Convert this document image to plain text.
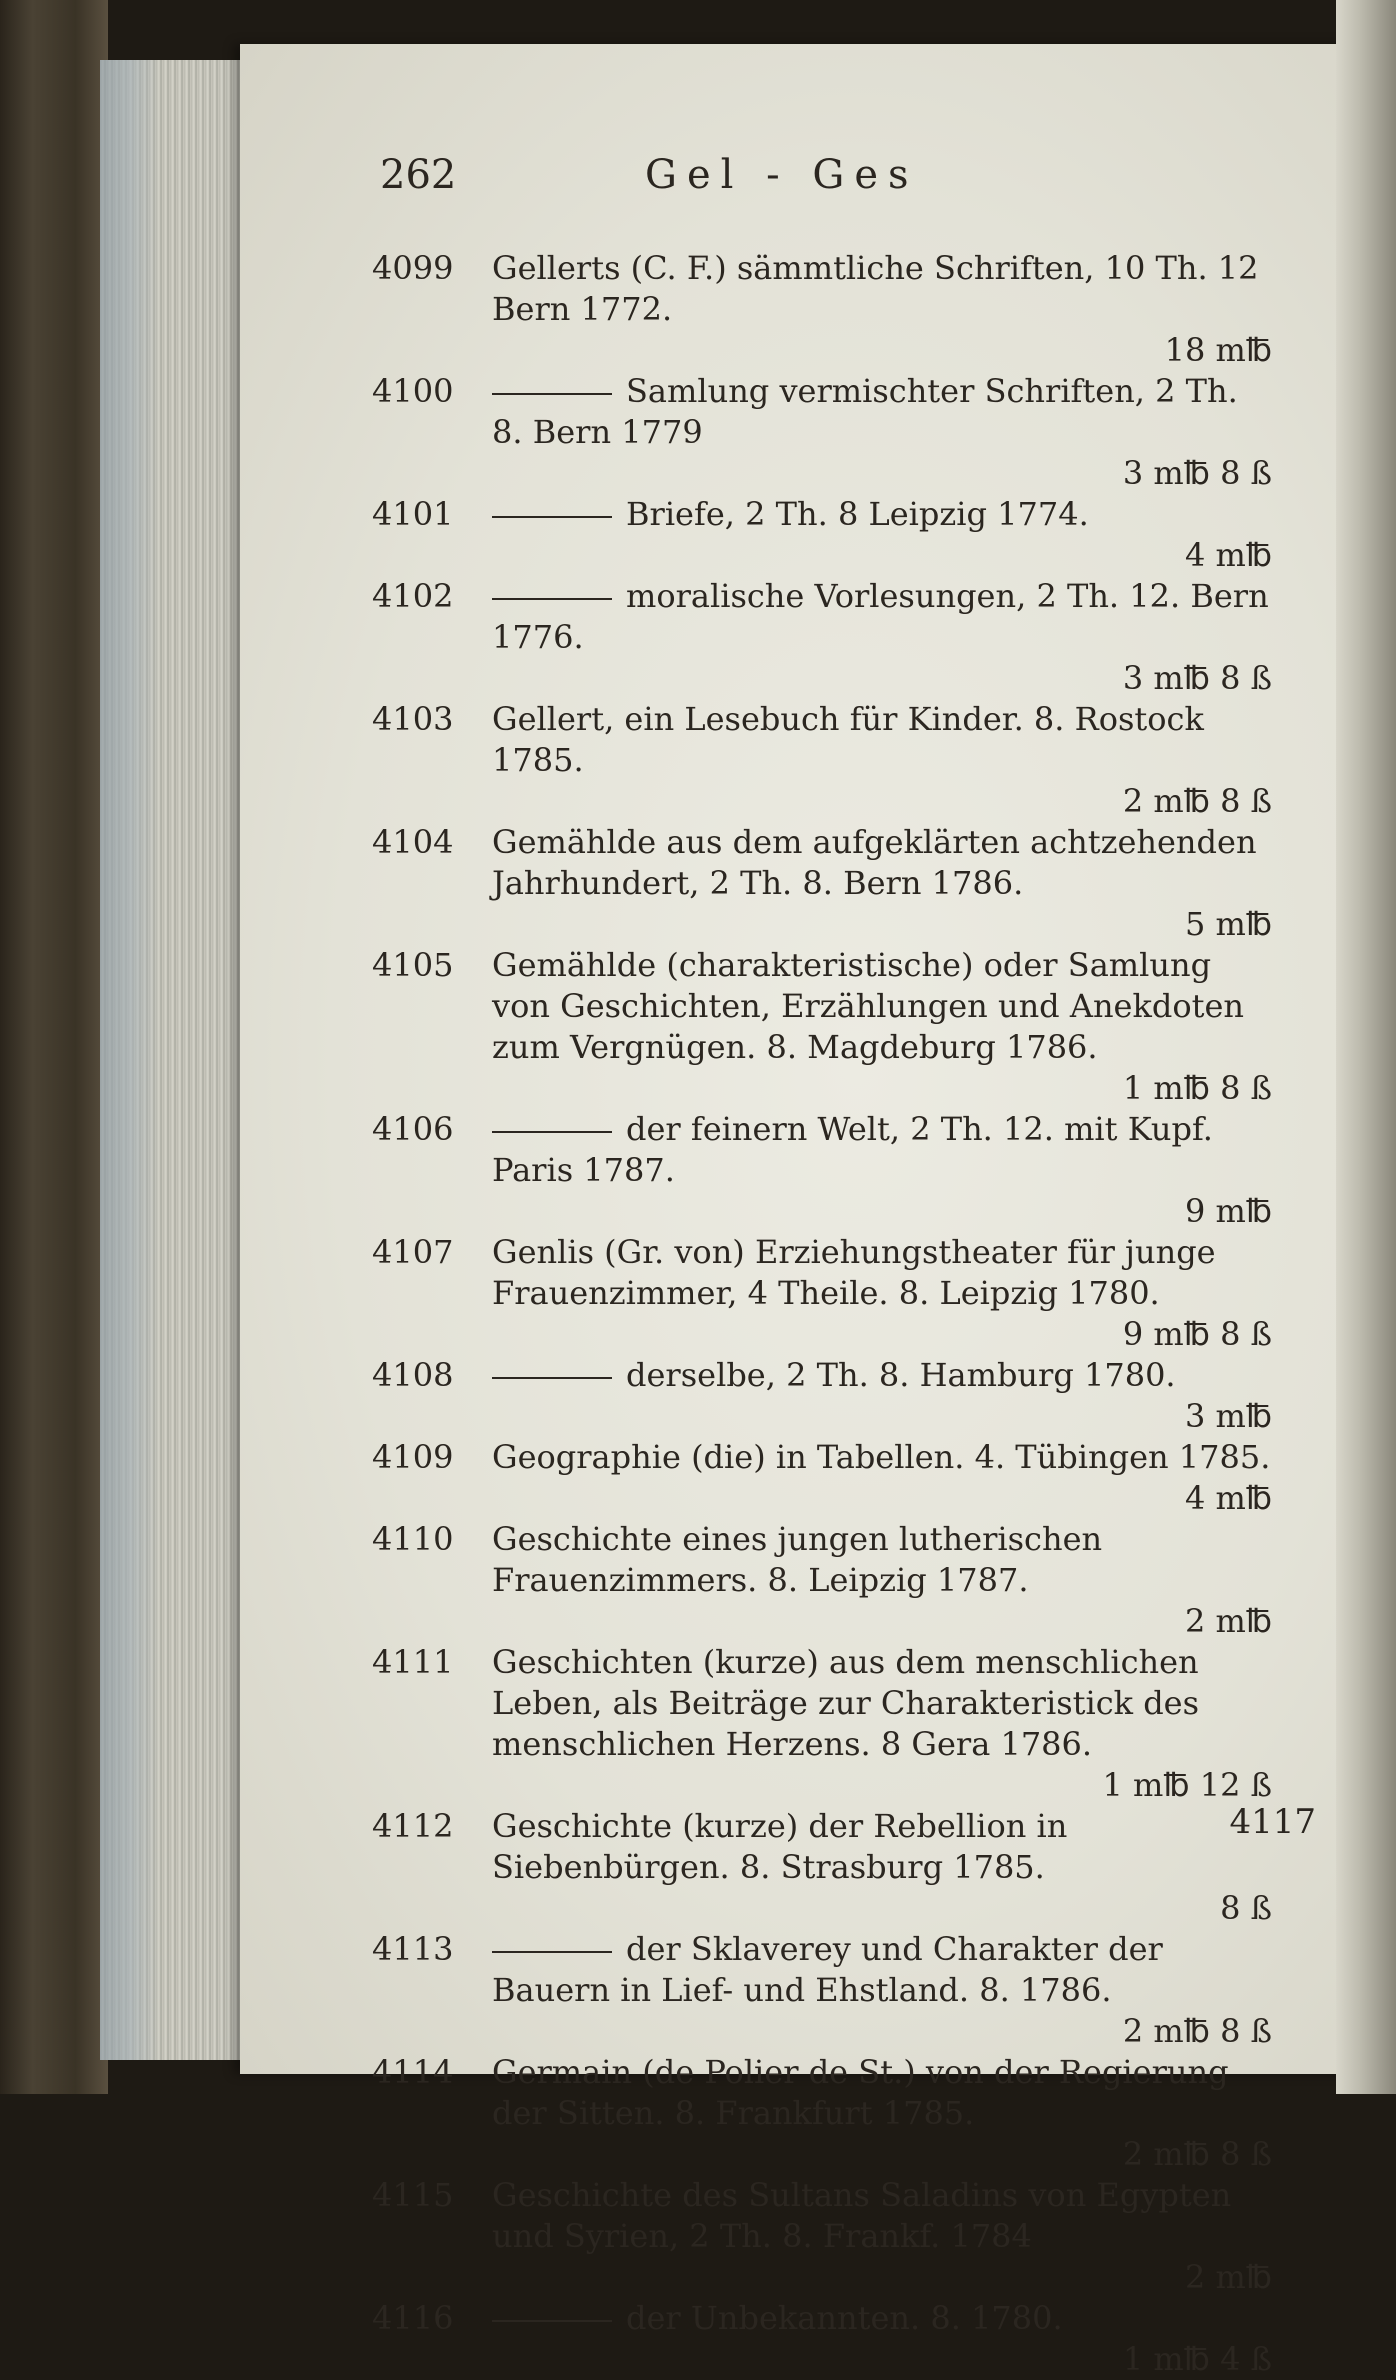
262	Gel - Ges
4099	Gellerts (C. F.) sämmtliche Schriften, 10 Th. 12 Bern 1772.
18 m℔
4100	Samlung vermischter Schriften, 2 Th. 8. Bern 1779
3 m℔ 8 ß
4101	Briefe, 2 Th. 8 Leipzig 1774.
4 m℔
4102	moralische Vorlesungen, 2 Th. 12. Bern 1776.
3 m℔ 8 ß
4103	Gellert, ein Lesebuch für Kinder. 8. Rostock 1785.
2 m℔ 8 ß
4104	Gemählde aus dem aufgeklärten achtzehenden Jahrhundert, 2 Th. 8. Bern 1786.
5 m℔
4105	Gemählde (charakteristische) oder Samlung von Geschichten, Erzählungen und Anekdoten zum Vergnügen. 8. Magdeburg 1786.
1 m℔ 8 ß
4106	der feinern Welt, 2 Th. 12. mit Kupf. Paris 1787.
9 m℔
4107	Genlis (Gr. von) Erziehungstheater für junge Frauenzimmer, 4 Theile. 8. Leipzig 1780.
9 m℔ 8 ß
4108	derselbe, 2 Th. 8. Hamburg 1780.
3 m℔
4109	Geographie (die) in Tabellen. 4. Tübingen 1785.
4 m℔
4110	Geschichte eines jungen lutherischen Frauenzimmers. 8. Leipzig 1787.
2 m℔
4111	Geschichten (kurze) aus dem menschlichen Leben, als Beiträge zur Charakteristick des menschlichen Herzens. 8 Gera 1786.
1 m℔ 12 ß
4112	Geschichte (kurze) der Rebellion in Siebenbürgen. 8. Strasburg 1785.
8 ß
4113	der Sklaverey und Charakter der Bauern in Lief- und Ehstland. 8. 1786.
2 m℔ 8 ß
4114	Germain (de Polier de St.) von der Regierung der Sitten. 8. Frankfurt 1785.
2 m℔ 8 ß
4115	Geschichte des Sultans Saladins von Egypten und Syrien, 2 Th. 8. Frankf. 1784
2 m℔
4116	der Unbekannten. 8. 1780.
1 m℔ 4 ß
4117
